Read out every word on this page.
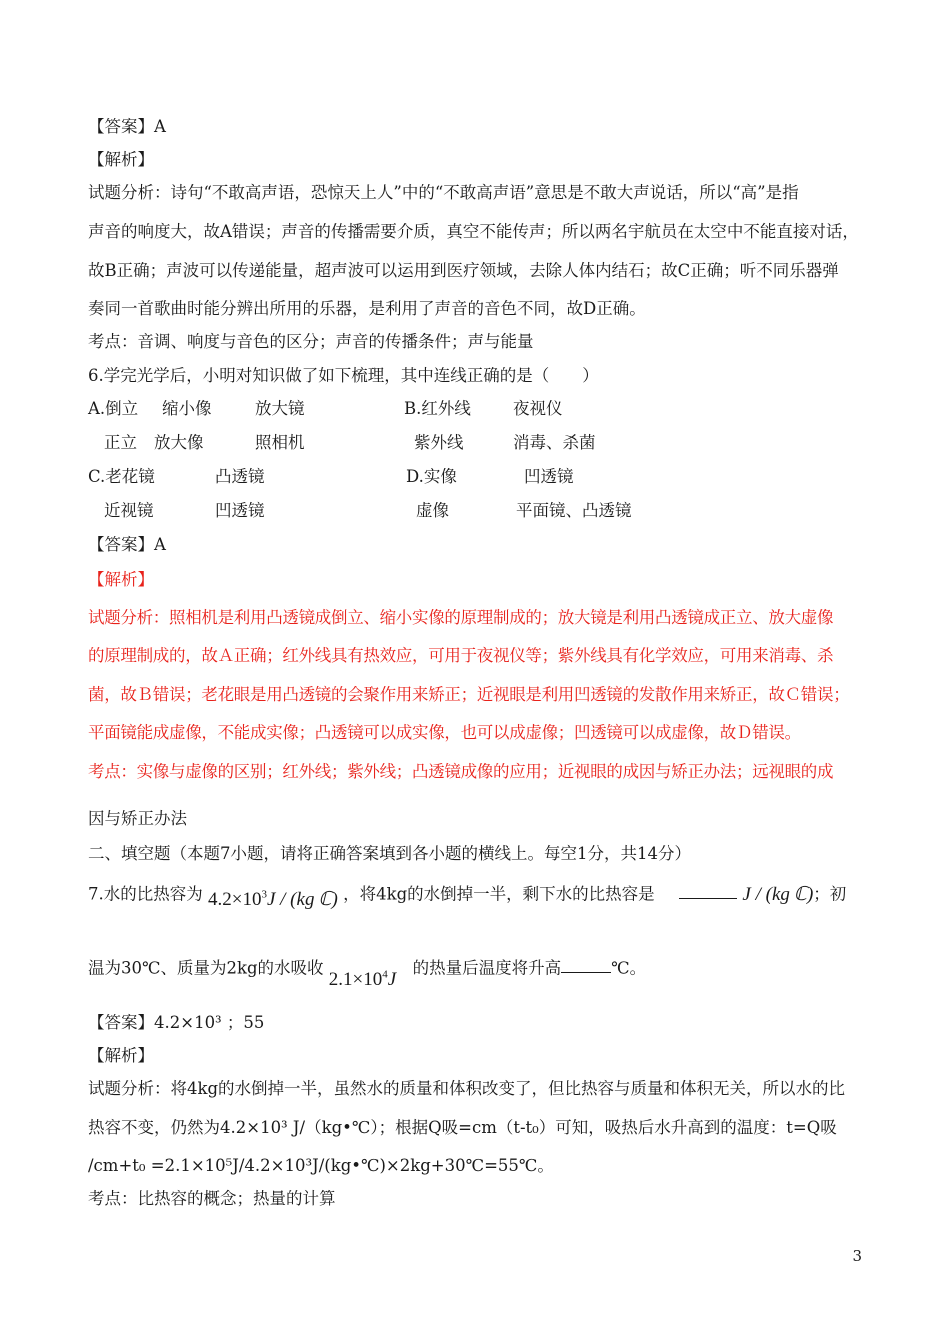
【答案】A
【解析】
试题分析：诗句“不敢高声语，恐惊天上人”中的“不敢高声语”意思是不敢大声说话，所以“高”是指
声音的响度大，故A错误；声音的传播需要介质，真空不能传声；所以两名宇航员在太空中不能直接对话，
故B正确；声波可以传递能量，超声波可以运用到医疗领域，去除人体内结石；故C正确；听不同乐器弹
奏同一首歌曲时能分辨出所用的乐器，是利用了声音的音色不同，故D正确。
考点：音调、响度与音色的区分；声音的传播条件；声与能量
6.学完光学后，小明对知识做了如下梳理，其中连线正确的是（　　）
A.倒立 缩小像	放大镜	B.红外线	夜视仪
正立 放大像	照相机	紫外线	消毒、杀菌
C.老花镜	凸透镜	D.实像	凹透镜
近视镜	凹透镜	虚像	平面镜、凸透镜
【答案】A
【解析】
试题分析：照相机是利用凸透镜成倒立、缩小实像的原理制成的；放大镜是利用凸透镜成正立、放大虚像
的原理制成的，故Ａ正确；红外线具有热效应，可用于夜视仪等；紫外线具有化学效应，可用来消毒、杀
菌，故Ｂ错误；老花眼是用凸透镜的会聚作用来矫正；近视眼是利用凹透镜的发散作用来矫正，故Ｃ错误；
平面镜能成虚像，不能成实像；凸透镜可以成实像，也可以成虚像；凹透镜可以成虚像，故Ｄ错误。
考点：实像与虚像的区别；红外线；紫外线；凸透镜成像的应用；近视眼的成因与矫正办法；远视眼的成
因与矫正办法
二、填空题（本题7小题，请将正确答案填到各小题的横线上。每空1分，共14分）
7.水的比热容为 $4.2\times 10^3J / (kg$ ℂ) ，将4kg的水倒掉一半，剩下水的比热容是	J / (kg ℂ)；初
温为30℃、质量为2kg的水吸收 $2.1\times 10^4J$  的热量后温度将升高	℃。
【答案】4.2×10³ ；55
【解析】
试题分析：将4kg的水倒掉一半，虽然水的质量和体积改变了，但比热容与质量和体积无关，所以水的比
热容不变，仍然为4.2×10³ J/（kg•℃）；根据Q吸=cm（t-t₀）可知，吸热后水升高到的温度：t=Q吸
/cm+t₀ =2.1×10⁵J/4.2×10³J/(kg•℃)×2kg+30℃=55℃。
考点：比热容的概念；热量的计算
3
